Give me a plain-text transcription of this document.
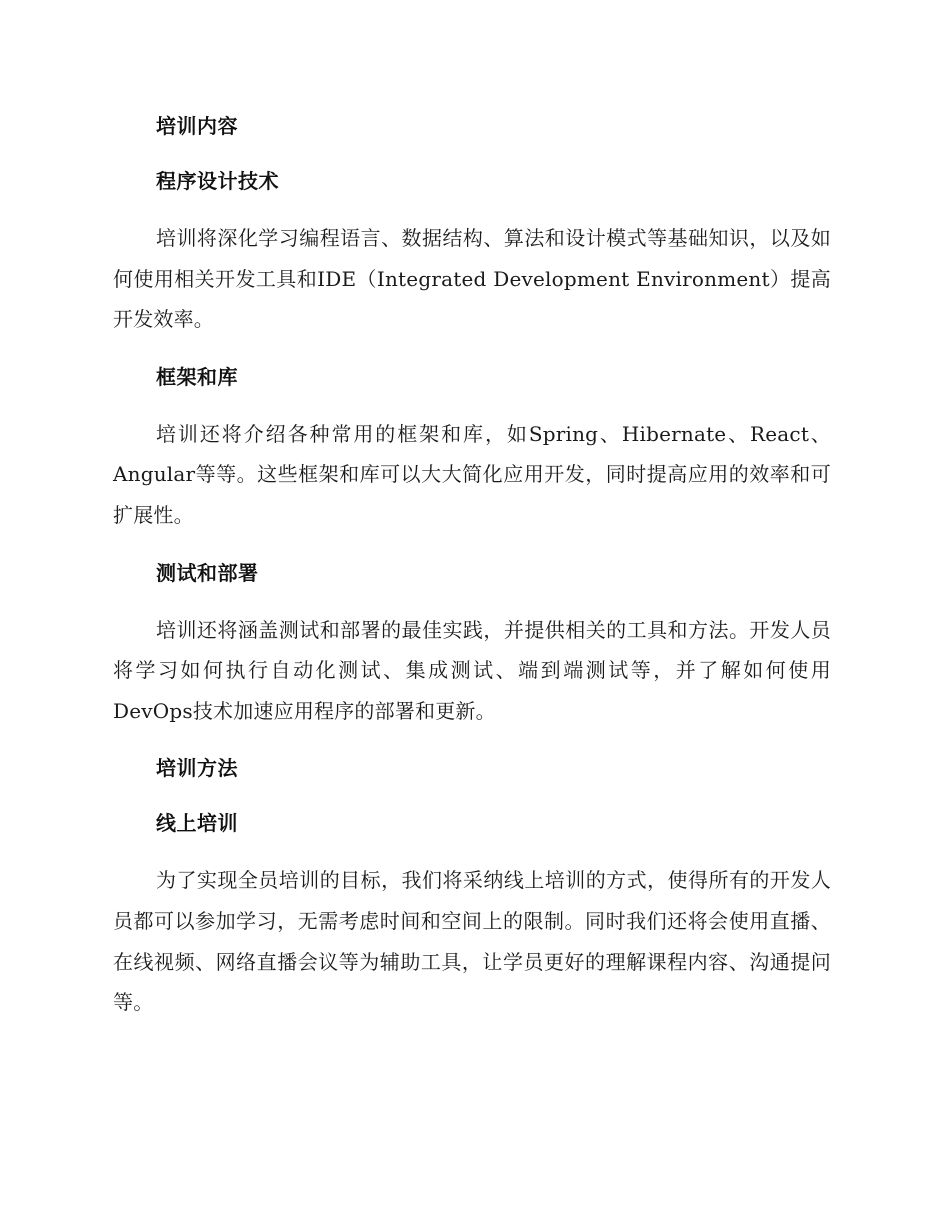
培训内容
程序设计技术

培训将深化学习编程语言、数据结构、算法和设计模式等基础知识，以及如何使用相关开发工具和IDE（Integrated Development Environment）提高开发效率。

框架和库

培训还将介绍各种常用的框架和库，如Spring、Hibernate、React、Angular等等。这些框架和库可以大大简化应用开发，同时提高应用的效率和可扩展性。

测试和部署

培训还将涵盖测试和部署的最佳实践，并提供相关的工具和方法。开发人员将学习如何执行自动化测试、集成测试、端到端测试等，并了解如何使用DevOps技术加速应用程序的部署和更新。

培训方法
线上培训

为了实现全员培训的目标，我们将采纳线上培训的方式，使得所有的开发人员都可以参加学习，无需考虑时间和空间上的限制。同时我们还将会使用直播、在线视频、网络直播会议等为辅助工具，让学员更好的理解课程内容、沟通提问等。
